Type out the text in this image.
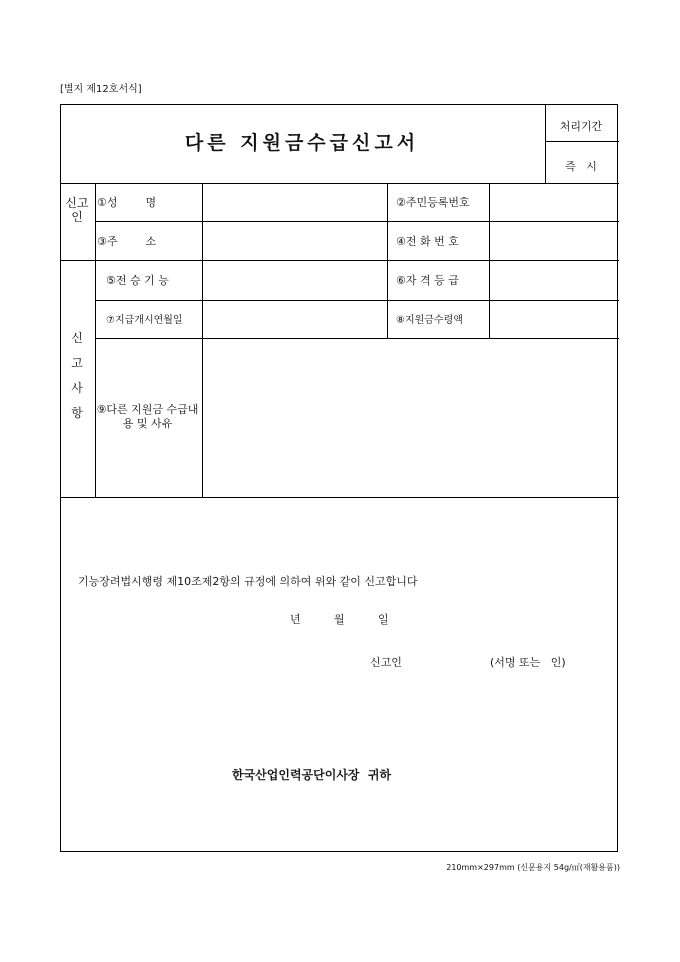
[별지 제12호서식]
다른 지원금수급신고서
처리기간
즉   시
신고인
①성        명	②주민등록번호
③주        소	④전 화 번 호
신고사항
⑤전 승 기 능	⑥자 격 등 급
⑦지급개시연월일	⑧지원금수령액
⑨다른 지원금 수급내용 및 사유
기능장려법시행령 제10조제2항의 규정에 의하여 위와 같이 신고합니다
년	월	일
신고인	(서명 또는   인)
한국산업인력공단이사장  귀하
210mm×297mm (신문용지 54g/㎡(재활용품))
